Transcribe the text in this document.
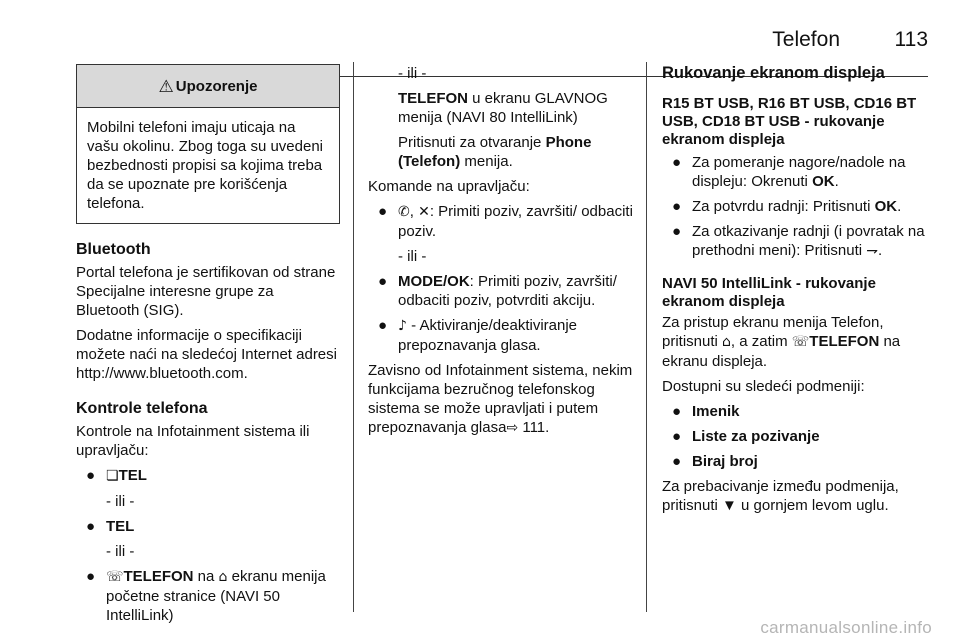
Telefon	113
⚠ Upozorenje
Mobilni telefoni imaju uticaja na vašu okolinu. Zbog toga su uvedeni bezbednosti propisi sa kojima treba da se upoznate pre korišćenja telefona.
Bluetooth

Portal telefona je sertifikovan od strane Specijalne interesne grupe za Bluetooth (SIG).

Dodatne informacije o specifikaciji možete naći na sledećoj Internet adresi http://www.bluetooth.com.

Kontrole telefona

Kontrole na Infotainment sistema ili upravljaču:

● ❏TEL
- ili -
● TEL
- ili -
● ☏TELEFON na ⌂ ekranu menija početne stranice (NAVI 50 IntelliLink)
- ili -

TELEFON u ekranu GLAVNOG menija (NAVI 80 IntelliLink)

Pritisnuti za otvaranje Phone (Telefon) menija.

Komande na upravljaču:

● ✆, ✕: Primiti poziv, završiti/ odbaciti poziv.
- ili -
● MODE/OK: Primiti poziv, završiti/ odbaciti poziv, potvrditi akciju.
● ♪ - Aktiviranje/deaktiviranje prepoznavanja glasa.

Zavisno od Infotainment sistema, nekim funkcijama bezručnog telefonskog sistema se može upravljati i putem prepoznavanja glasa⇨ 111.

Rukovanje ekranom displeja
R15 BT USB, R16 BT USB, CD16 BT USB, CD18 BT USB - rukovanje ekranom displeja
● Za pomeranje nagore/nadole na displeju: Okrenuti OK.
● Za potvrdu radnji: Pritisnuti OK.
● Za otkazivanje radnji (i povratak na prethodni meni): Pritisnuti ⇁.
NAVI 50 IntelliLink - rukovanje ekranom displeja

Za pristup ekranu menija Telefon, pritisnuti ⌂, a zatim ☏TELEFON na ekranu displeja.

Dostupni su sledeći podmeniji:

● Imenik
● Liste za pozivanje
● Biraj broj

Za prebacivanje između podmenija, pritisnuti ▼ u gornjem levom uglu.

carmanualsonline.info
